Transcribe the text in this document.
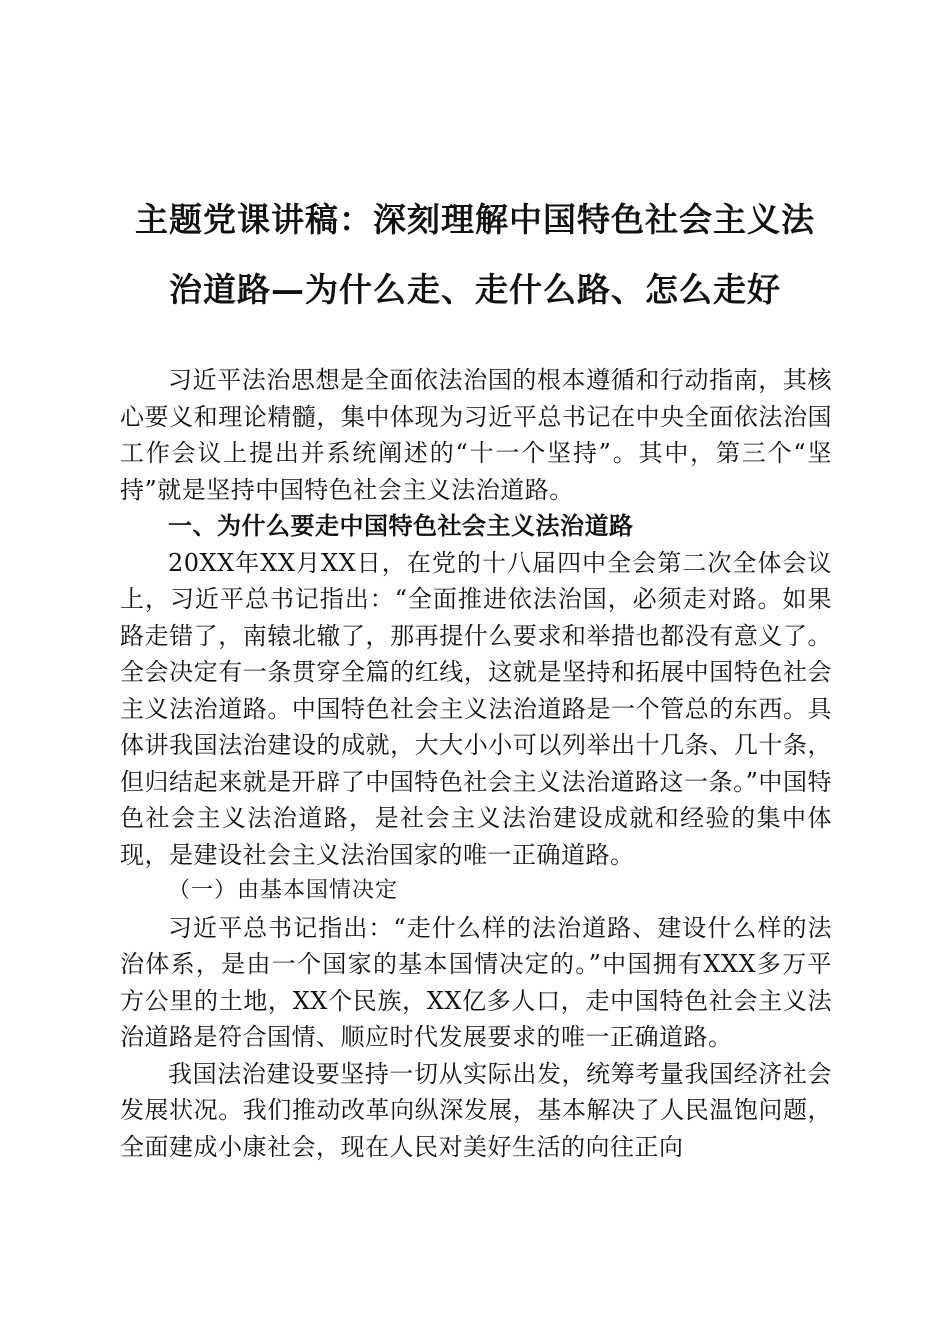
主题党课讲稿：深刻理解中国特色社会主义法
治道路—为什么走、走什么路、怎么走好

习近平法治思想是全面依法治国的根本遵循和行动指南，其核心要义和理论精髓，集中体现为习近平总书记在中央全面依法治国工作会议上提出并系统阐述的“十一个坚持”。其中，第三个“坚持”就是坚持中国特色社会主义法治道路。

一、为什么要走中国特色社会主义法治道路

20XX年XX月XX日，在党的十八届四中全会第二次全体会议上，习近平总书记指出：“全面推进依法治国，必须走对路。如果路走错了，南辕北辙了，那再提什么要求和举措也都没有意义了。全会决定有一条贯穿全篇的红线，这就是坚持和拓展中国特色社会主义法治道路。中国特色社会主义法治道路是一个管总的东西。具体讲我国法治建设的成就，大大小小可以列举出十几条、几十条，但归结起来就是开辟了中国特色社会主义法治道路这一条。”中国特色社会主义法治道路，是社会主义法治建设成就和经验的集中体现，是建设社会主义法治国家的唯一正确道路。

（一）由基本国情决定

习近平总书记指出：“走什么样的法治道路、建设什么样的法治体系，是由一个国家的基本国情决定的。”中国拥有XXX多万平方公里的土地，XX个民族，XX亿多人口，走中国特色社会主义法治道路是符合国情、顺应时代发展要求的唯一正确道路。

我国法治建设要坚持一切从实际出发，统筹考量我国经济社会发展状况。我们推动改革向纵深发展，基本解决了人民温饱问题，全面建成小康社会，现在人民对美好生活的向往正向
